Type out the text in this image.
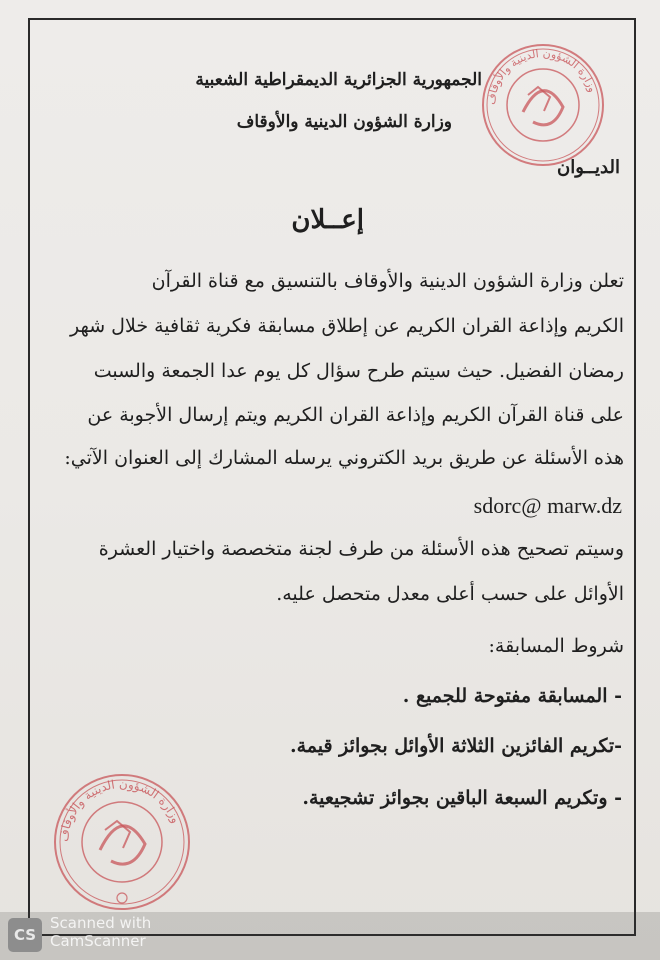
وزارة الشؤون الدينية والأوقاف
وزارة الشؤون الدينية والأوقاف
الجمهورية الجزائرية الديمقراطية الشعبية
وزارة الشؤون الدينية والأوقاف
الديــوان
إعــلان
تعلن وزارة الشؤون الدينية والأوقاف بالتنسيق مع قناة القرآن
الكريم وإذاعة القران الكريم عن إطلاق مسابقة فكرية ثقافية خلال شهر
رمضان الفضيل. حيث سيتم طرح سؤال كل يوم عدا الجمعة والسبت
على قناة القرآن الكريم وإذاعة القران الكريم ويتم إرسال الأجوبة عن
هذه الأسئلة عن طريق بريد الكتروني يرسله المشارك إلى العنوان الآتي:
sdorc@ marw.dz
وسيتم تصحيح هذه الأسئلة من طرف لجنة متخصصة واختيار العشرة
الأوائل على حسب أعلى معدل متحصل عليه.
شروط المسابقة:
- المسابقة مفتوحة للجميع .
-تكريم الفائزين الثلاثة الأوائل بجوائز قيمة.
- وتكريم السبعة الباقين بجوائز تشجيعية.
CS
Scanned with
CamScanner
